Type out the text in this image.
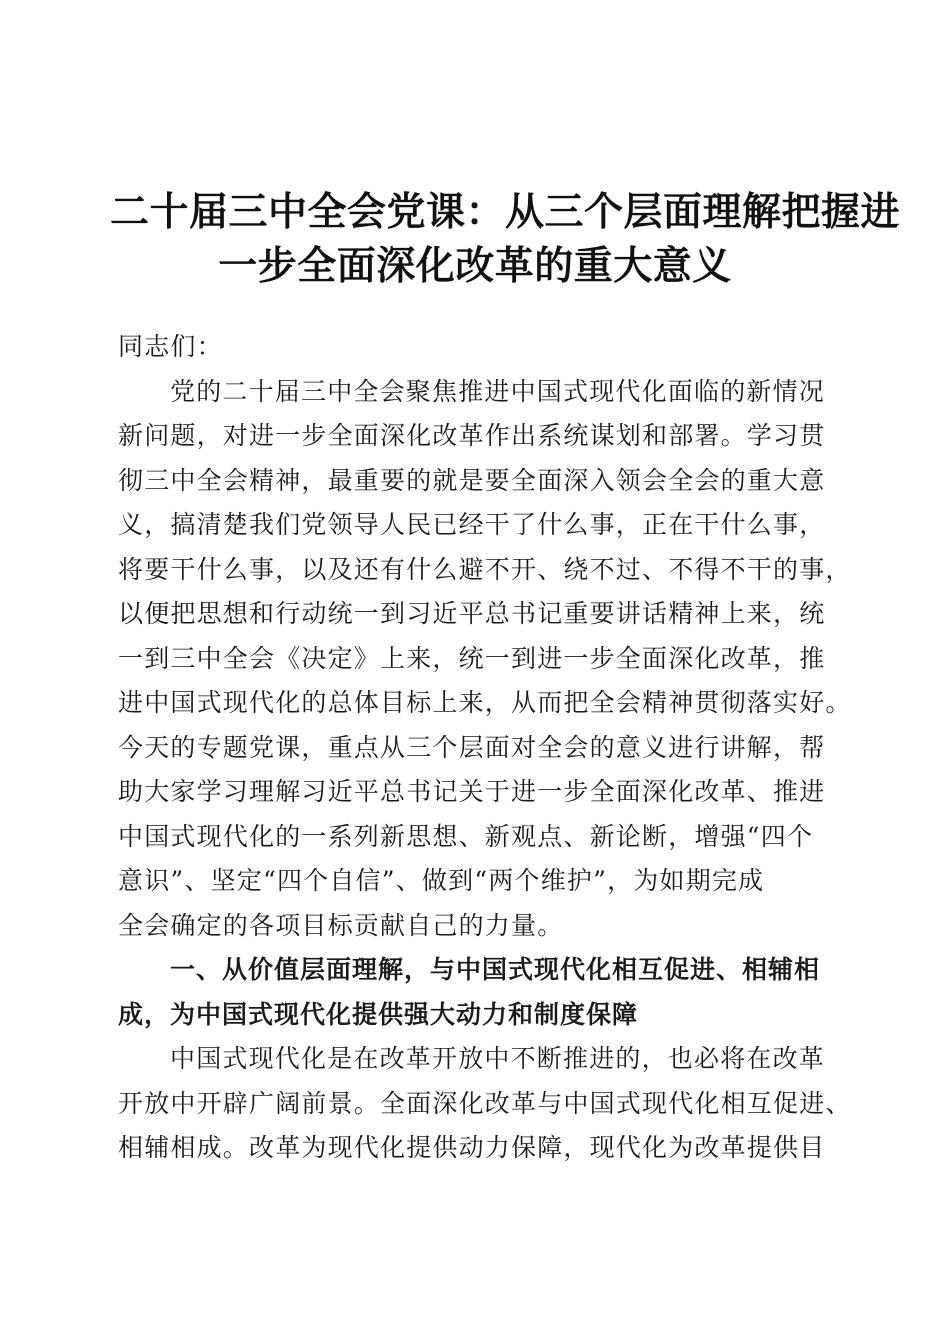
二十届三中全会党课：从三个层面理解把握进
一步全面深化改革的重大意义
同志们：
党的二十届三中全会聚焦推进中国式现代化面临的新情况
新问题，对进一步全面深化改革作出系统谋划和部署。学习贯
彻三中全会精神，最重要的就是要全面深入领会全会的重大意
义，搞清楚我们党领导人民已经干了什么事，正在干什么事，
将要干什么事，以及还有什么避不开、绕不过、不得不干的事，
以便把思想和行动统一到习近平总书记重要讲话精神上来，统
一到三中全会《决定》上来，统一到进一步全面深化改革，推
进中国式现代化的总体目标上来，从而把全会精神贯彻落实好。
今天的专题党课，重点从三个层面对全会的意义进行讲解，帮
助大家学习理解习近平总书记关于进一步全面深化改革、推进
中国式现代化的一系列新思想、新观点、新论断，增强“四个
意识”、坚定“四个自信”、做到“两个维护”，为如期完成
全会确定的各项目标贡献自己的力量。
一、从价值层面理解，与中国式现代化相互促进、相辅相
成，为中国式现代化提供强大动力和制度保障
中国式现代化是在改革开放中不断推进的，也必将在改革
开放中开辟广阔前景。全面深化改革与中国式现代化相互促进、
相辅相成。改革为现代化提供动力保障，现代化为改革提供目
